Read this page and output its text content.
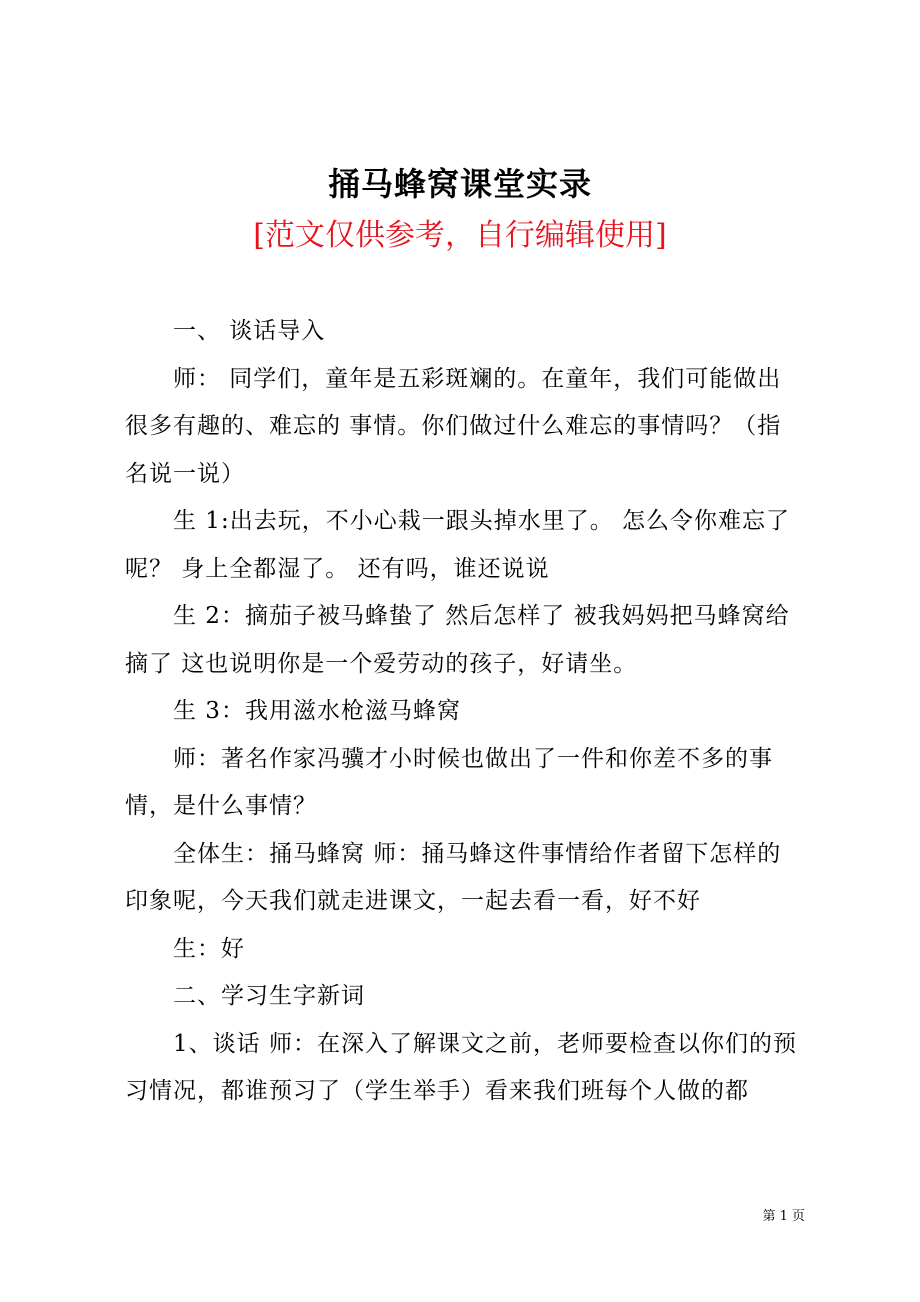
捅马蜂窝课堂实录
[范文仅供参考，自行编辑使用]

一、 谈话导入

师： 同学们，童年是五彩斑斓的。在童年，我们可能做出很多有趣的、难忘的 事情。你们做过什么难忘的事情吗？（指名说一说）

生 1:出去玩，不小心栽一跟头掉水里了。 怎么令你难忘了呢？ 身上全都湿了。 还有吗，谁还说说

生 2：摘茄子被马蜂蛰了 然后怎样了 被我妈妈把马蜂窝给摘了 这也说明你是一个爱劳动的孩子，好请坐。

生 3：我用滋水枪滋马蜂窝

师：著名作家冯骥才小时候也做出了一件和你差不多的事情，是什么事情？

全体生：捅马蜂窝 师：捅马蜂这件事情给作者留下怎样的印象呢，今天我们就走进课文，一起去看一看，好不好

生：好

二、学习生字新词

1、谈话 师：在深入了解课文之前，老师要检查以你们的预习情况，都谁预习了（学生举手）看来我们班每个人做的都

第 1 页
